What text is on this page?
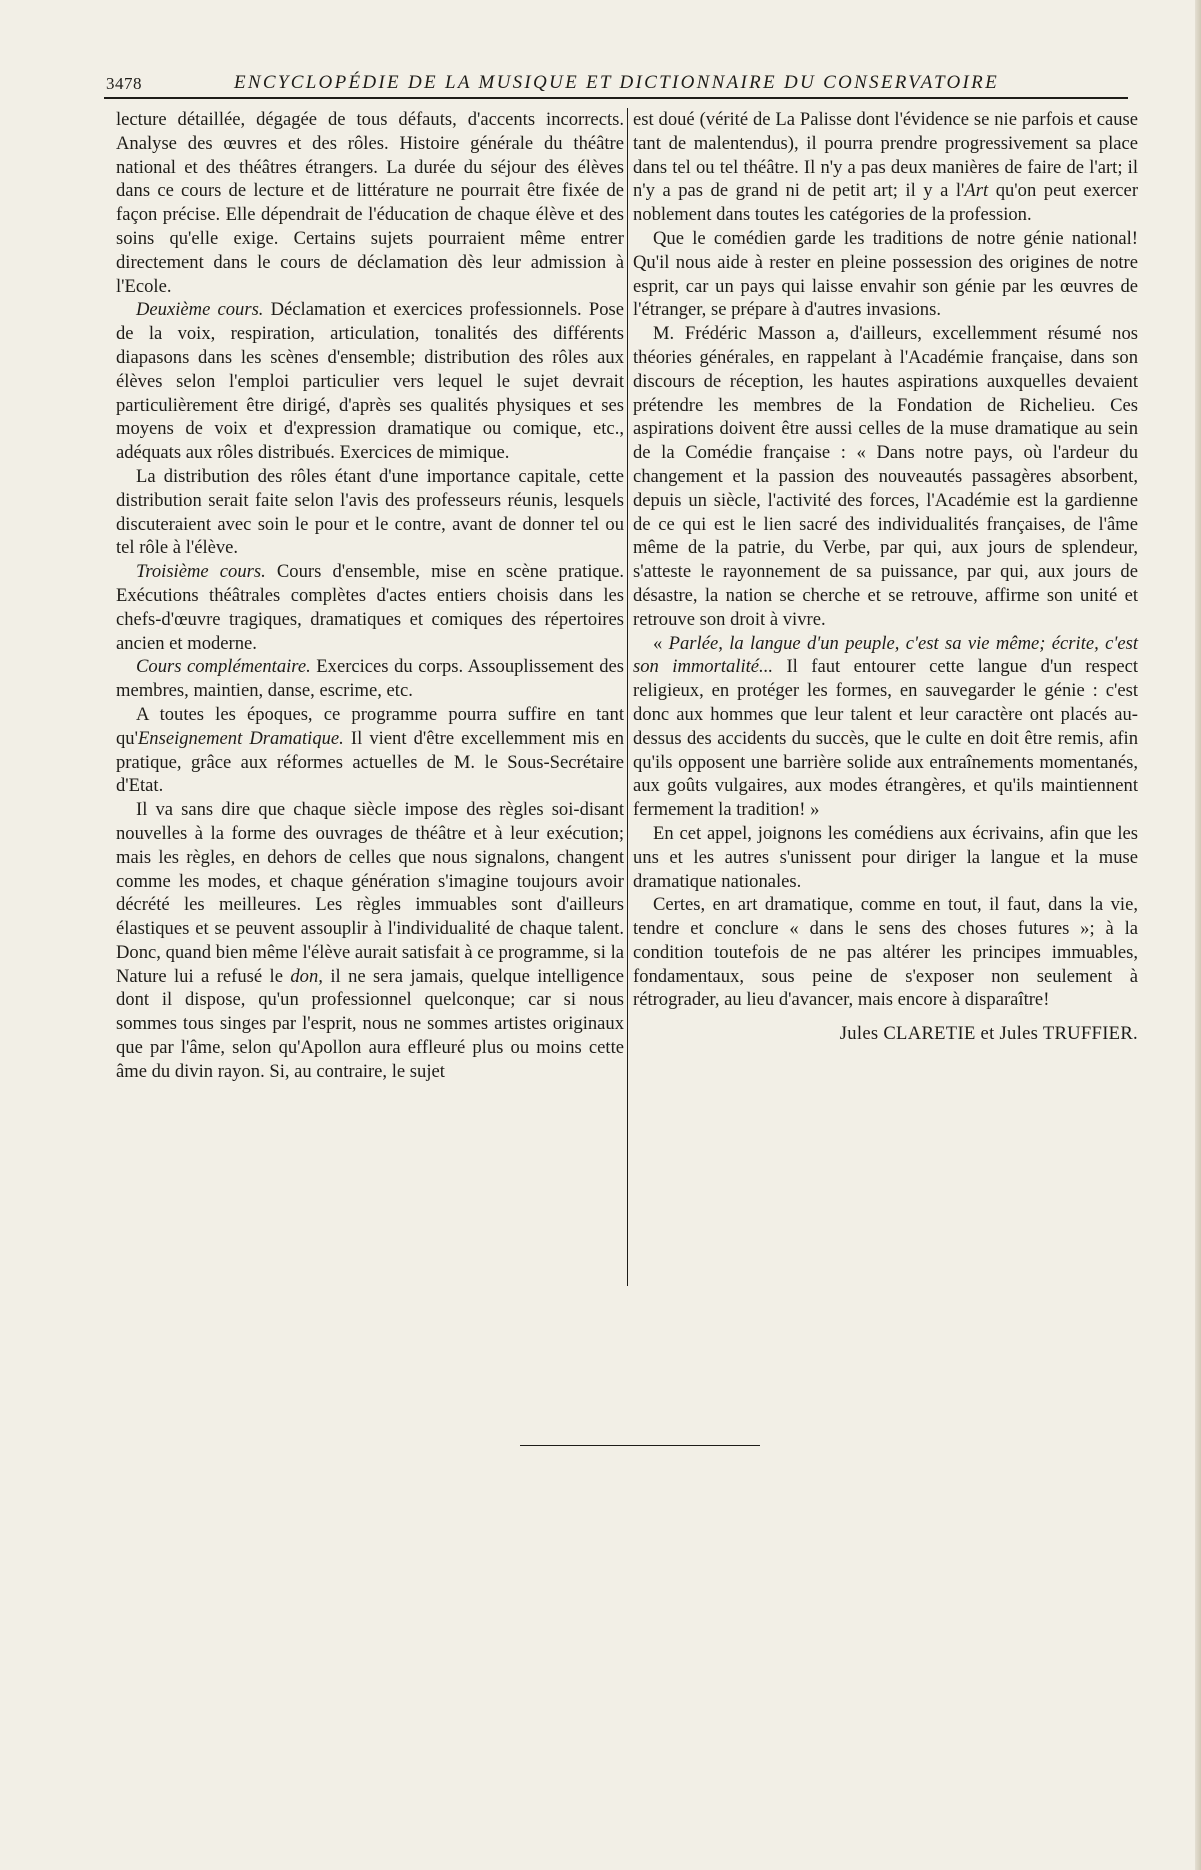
3478	ENCYCLOPÉDIE DE LA MUSIQUE ET DICTIONNAIRE DU CONSERVATOIRE

lecture détaillée, dégagée de tous défauts, d'accents incorrects. Analyse des œuvres et des rôles. Histoire générale du théâtre national et des théâtres étrangers. La durée du séjour des élèves dans ce cours de lecture et de littérature ne pourrait être fixée de façon précise. Elle dépendrait de l'éducation de chaque élève et des soins qu'elle exige. Certains sujets pourraient même entrer directement dans le cours de déclamation dès leur admission à l'Ecole.

Deuxième cours. Déclamation et exercices professionnels. Pose de la voix, respiration, articulation, tonalités des différents diapasons dans les scènes d'ensemble; distribution des rôles aux élèves selon l'emploi particulier vers lequel le sujet devrait particulièrement être dirigé, d'après ses qualités physiques et ses moyens de voix et d'expression dramatique ou comique, etc., adéquats aux rôles distribués. Exercices de mimique.

La distribution des rôles étant d'une importance capitale, cette distribution serait faite selon l'avis des professeurs réunis, lesquels discuteraient avec soin le pour et le contre, avant de donner tel ou tel rôle à l'élève.

Troisième cours. Cours d'ensemble, mise en scène pratique. Exécutions théâtrales complètes d'actes entiers choisis dans les chefs-d'œuvre tragiques, dramatiques et comiques des répertoires ancien et moderne.

Cours complémentaire. Exercices du corps. Assouplissement des membres, maintien, danse, escrime, etc.

A toutes les époques, ce programme pourra suffire en tant qu'Enseignement Dramatique. Il vient d'être excellemment mis en pratique, grâce aux réformes actuelles de M. le Sous-Secrétaire d'Etat.

Il va sans dire que chaque siècle impose des règles soi-disant nouvelles à la forme des ouvrages de théâtre et à leur exécution; mais les règles, en dehors de celles que nous signalons, changent comme les modes, et chaque génération s'imagine toujours avoir décrété les meilleures. Les règles immuables sont d'ailleurs élastiques et se peuvent assouplir à l'individualité de chaque talent. Donc, quand bien même l'élève aurait satisfait à ce programme, si la Nature lui a refusé le don, il ne sera jamais, quelque intelligence dont il dispose, qu'un professionnel quelconque; car si nous sommes tous singes par l'esprit, nous ne sommes artistes originaux que par l'âme, selon qu'Apollon aura effleuré plus ou moins cette âme du divin rayon. Si, au contraire, le sujet

est doué (vérité de La Palisse dont l'évidence se nie parfois et cause tant de malentendus), il pourra prendre progressivement sa place dans tel ou tel théâtre. Il n'y a pas deux manières de faire de l'art; il n'y a pas de grand ni de petit art; il y a l'Art qu'on peut exercer noblement dans toutes les catégories de la profession.

Que le comédien garde les traditions de notre génie national! Qu'il nous aide à rester en pleine possession des origines de notre esprit, car un pays qui laisse envahir son génie par les œuvres de l'étranger, se prépare à d'autres invasions.

M. Frédéric Masson a, d'ailleurs, excellemment résumé nos théories générales, en rappelant à l'Académie française, dans son discours de réception, les hautes aspirations auxquelles devaient prétendre les membres de la Fondation de Richelieu. Ces aspirations doivent être aussi celles de la muse dramatique au sein de la Comédie française : « Dans notre pays, où l'ardeur du changement et la passion des nouveautés passagères absorbent, depuis un siècle, l'activité des forces, l'Académie est la gardienne de ce qui est le lien sacré des individualités françaises, de l'âme même de la patrie, du Verbe, par qui, aux jours de splendeur, s'atteste le rayonnement de sa puissance, par qui, aux jours de désastre, la nation se cherche et se retrouve, affirme son unité et retrouve son droit à vivre.

« Parlée, la langue d'un peuple, c'est sa vie même; écrite, c'est son immortalité... Il faut entourer cette langue d'un respect religieux, en protéger les formes, en sauvegarder le génie : c'est donc aux hommes que leur talent et leur caractère ont placés au-dessus des accidents du succès, que le culte en doit être remis, afin qu'ils opposent une barrière solide aux entraînements momentanés, aux goûts vulgaires, aux modes étrangères, et qu'ils maintiennent fermement la tradition! »

En cet appel, joignons les comédiens aux écrivains, afin que les uns et les autres s'unissent pour diriger la langue et la muse dramatique nationales.

Certes, en art dramatique, comme en tout, il faut, dans la vie, tendre et conclure « dans le sens des choses futures »; à la condition toutefois de ne pas altérer les principes immuables, fondamentaux, sous peine de s'exposer non seulement à rétrograder, au lieu d'avancer, mais encore à disparaître!

Jules CLARETIE et Jules TRUFFIER.
